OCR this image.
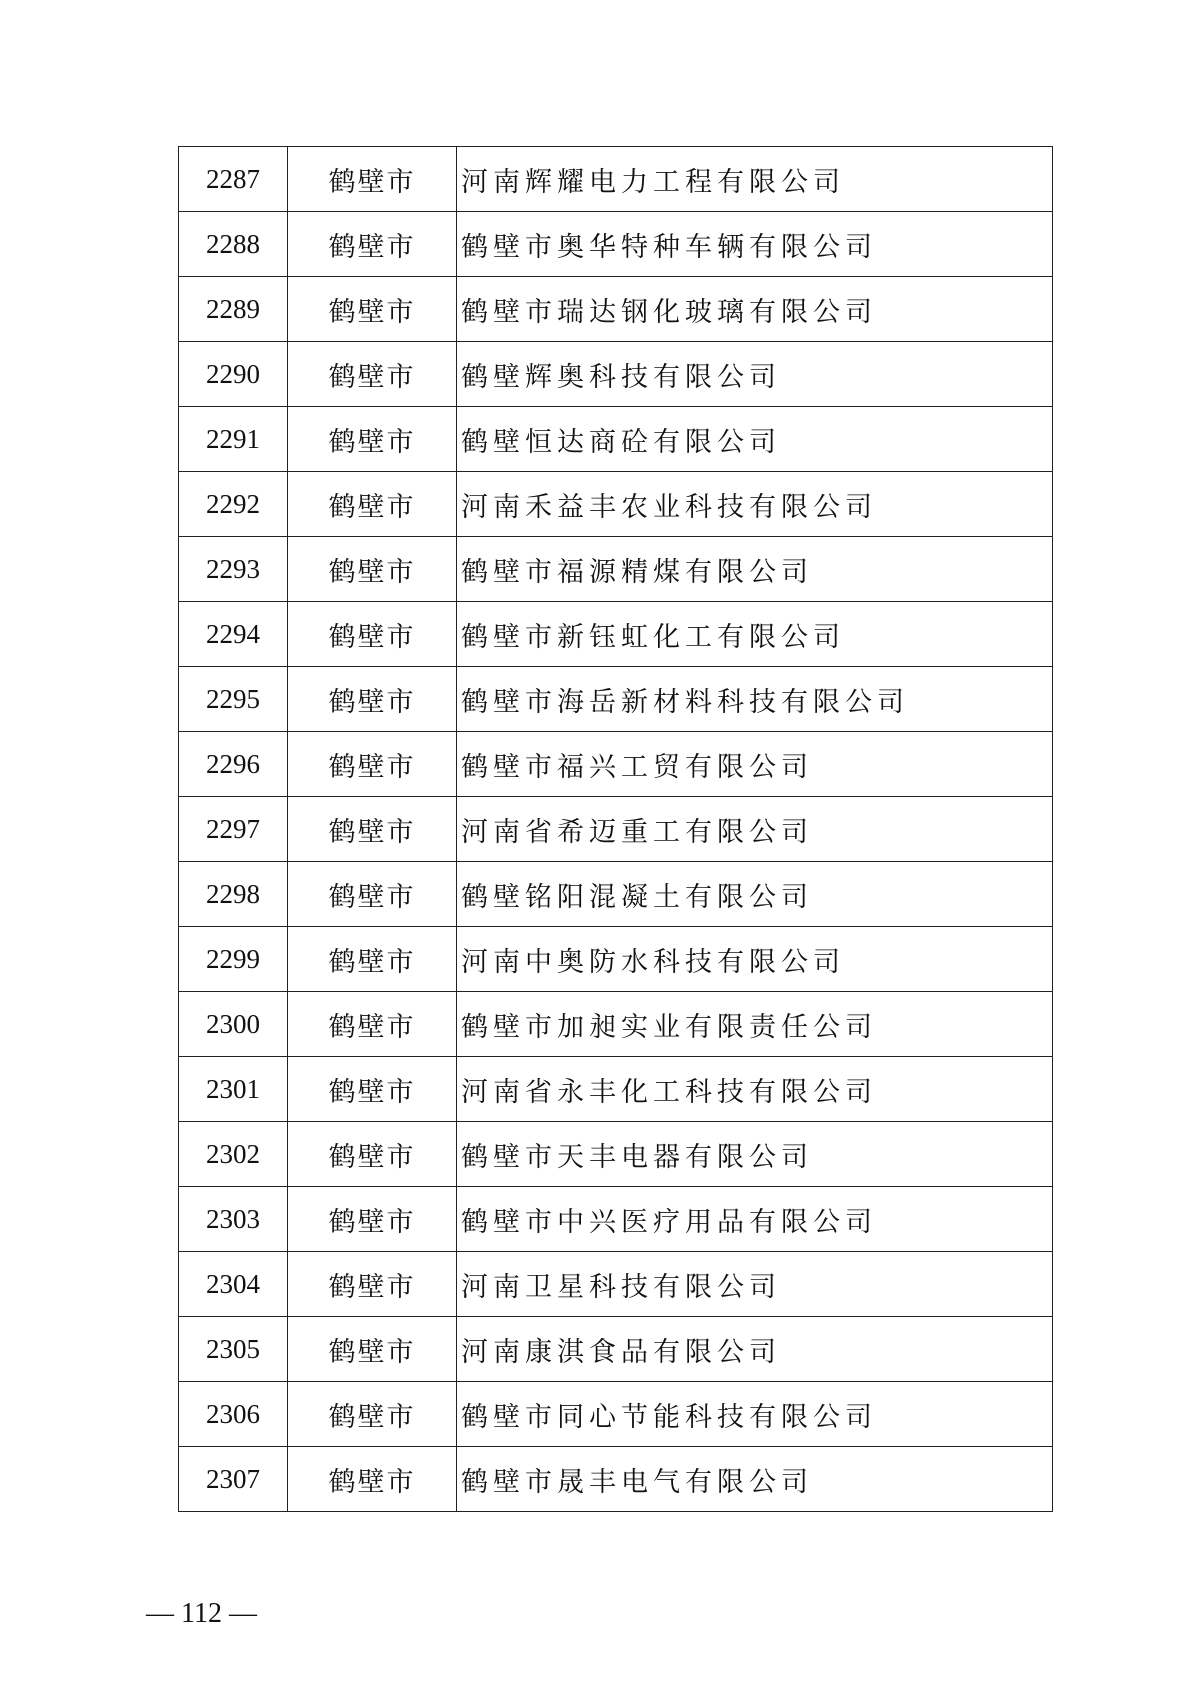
2287	鹤壁市	河南辉耀电力工程有限公司
2288	鹤壁市	鹤壁市奥华特种车辆有限公司
2289	鹤壁市	鹤壁市瑞达钢化玻璃有限公司
2290	鹤壁市	鹤壁辉奥科技有限公司
2291	鹤壁市	鹤壁恒达商砼有限公司
2292	鹤壁市	河南禾益丰农业科技有限公司
2293	鹤壁市	鹤壁市福源精煤有限公司
2294	鹤壁市	鹤壁市新钰虹化工有限公司
2295	鹤壁市	鹤壁市海岳新材料科技有限公司
2296	鹤壁市	鹤壁市福兴工贸有限公司
2297	鹤壁市	河南省希迈重工有限公司
2298	鹤壁市	鹤壁铭阳混凝土有限公司
2299	鹤壁市	河南中奥防水科技有限公司
2300	鹤壁市	鹤壁市加昶实业有限责任公司
2301	鹤壁市	河南省永丰化工科技有限公司
2302	鹤壁市	鹤壁市天丰电器有限公司
2303	鹤壁市	鹤壁市中兴医疗用品有限公司
2304	鹤壁市	河南卫星科技有限公司
2305	鹤壁市	河南康淇食品有限公司
2306	鹤壁市	鹤壁市同心节能科技有限公司
2307	鹤壁市	鹤壁市晟丰电气有限公司
— 112 —
